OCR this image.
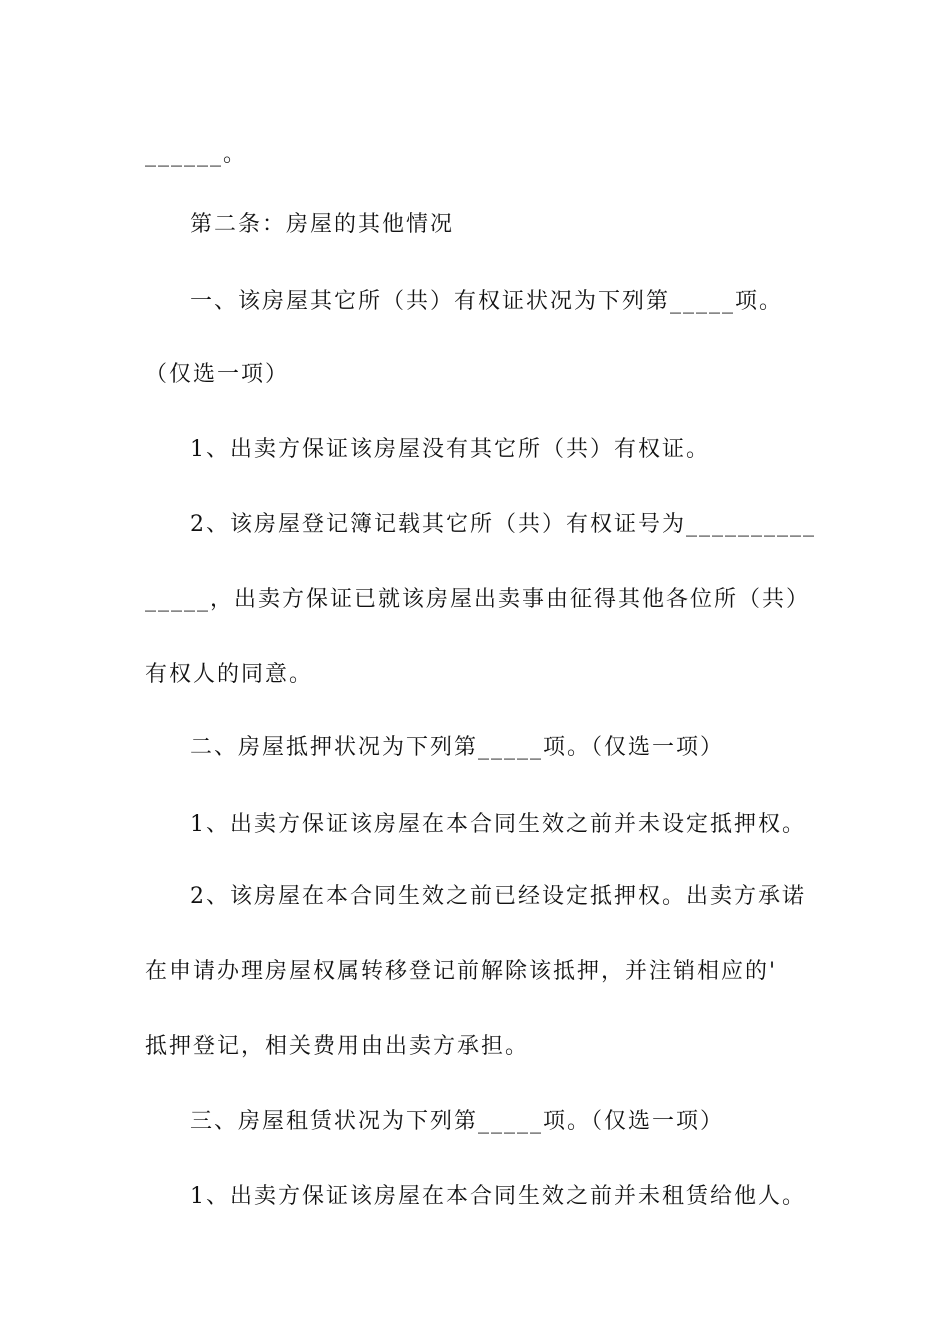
______。
第二条：房屋的其他情况
一、该房屋其它所（共）有权证状况为下列第_____项。
（仅选一项）
1、出卖方保证该房屋没有其它所（共）有权证。
2、该房屋登记簿记载其它所（共）有权证号为__________
_____，出卖方保证已就该房屋出卖事由征得其他各位所（共）
有权人的同意。
二、房屋抵押状况为下列第_____项。（仅选一项）
1、出卖方保证该房屋在本合同生效之前并未设定抵押权。
2、该房屋在本合同生效之前已经设定抵押权。出卖方承诺
在申请办理房屋权属转移登记前解除该抵押，并注销相应的'
抵押登记，相关费用由出卖方承担。
三、房屋租赁状况为下列第_____项。（仅选一项）
1、出卖方保证该房屋在本合同生效之前并未租赁给他人。
